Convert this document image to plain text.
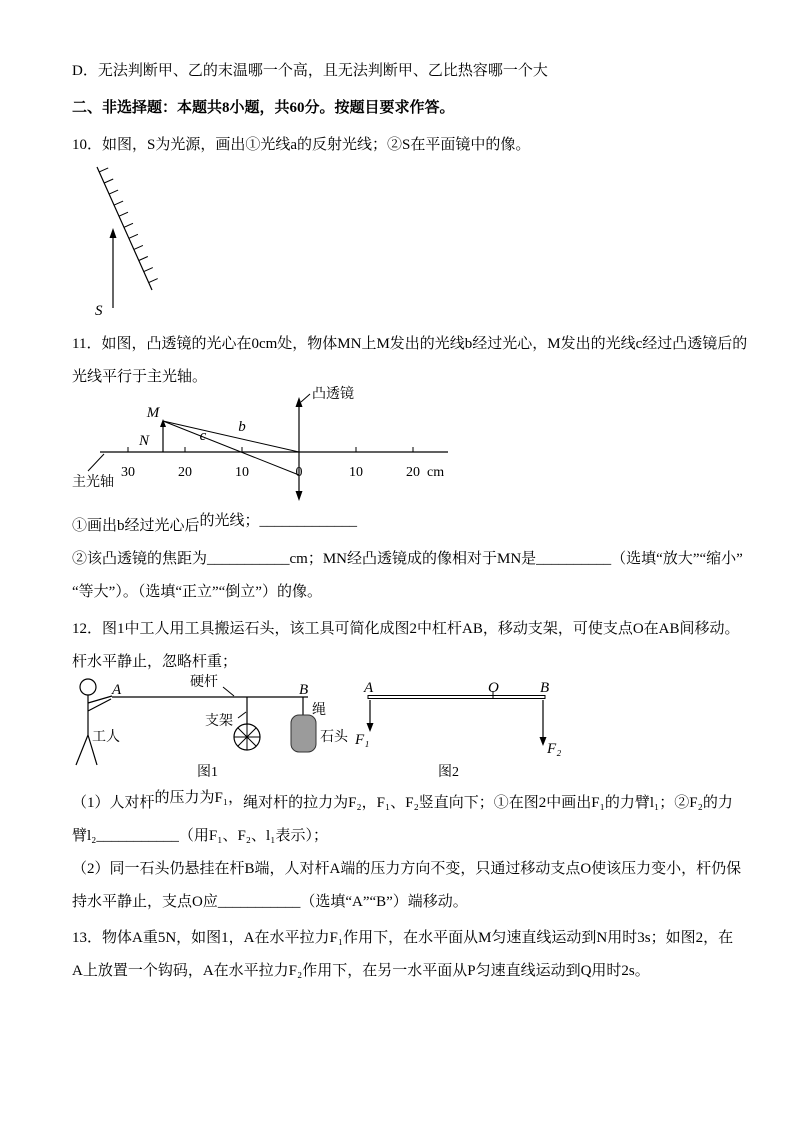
D．无法判断甲、乙的末温哪一个高，且无法判断甲、乙比热容哪一个大
二、非选择题：本题共8小题，共60分。按题目要求作答。
10．如图，S为光源，画出①光线a的反射光线；②S在平面镜中的像。
S
11．如图，凸透镜的光心在0cm处，物体MN上M发出的光线b经过光心，M发出的光线c经过凸透镜后的
光线平行于主光轴。
主光轴
30	20	10	0	10	20 cm
凸透镜
M
N
b
c
①画出b经过光心后的光线；_____________
②该凸透镜的焦距为___________cm；MN经凸透镜成的像相对于MN是__________（选填“放大”“缩小”
“等大”）。（选填“正立”“倒立”）的像。
12．图1中工人用工具搬运石头，该工具可简化成图2中杠杆AB，移动支架，可使支点O在AB间移动。
杆水平静止，忽略杆重；
工人
A	B
硬杆
支架
绳
石头
图1
A	O	B
F₁
F₂
图2
（1）人对杆的压力为F₁，绳对杆的拉力为F₂，F₁、F₂竖直向下；①在图2中画出F₁的力臂l₁；②F₂的力
臂l₂___________（用F₁、F₂、l₁表示）；
（2）同一石头仍悬挂在杆B端，人对杆A端的压力方向不变，只通过移动支点O使该压力变小，杆仍保
持水平静止，支点O应___________（选填“A”“B”）端移动。
13．物体A重5N，如图1，A在水平拉力F₁作用下，在水平面从M匀速直线运动到N用时3s；如图2，在
A上放置一个钩码，A在水平拉力F₂作用下，在另一水平面从P匀速直线运动到Q用时2s。
